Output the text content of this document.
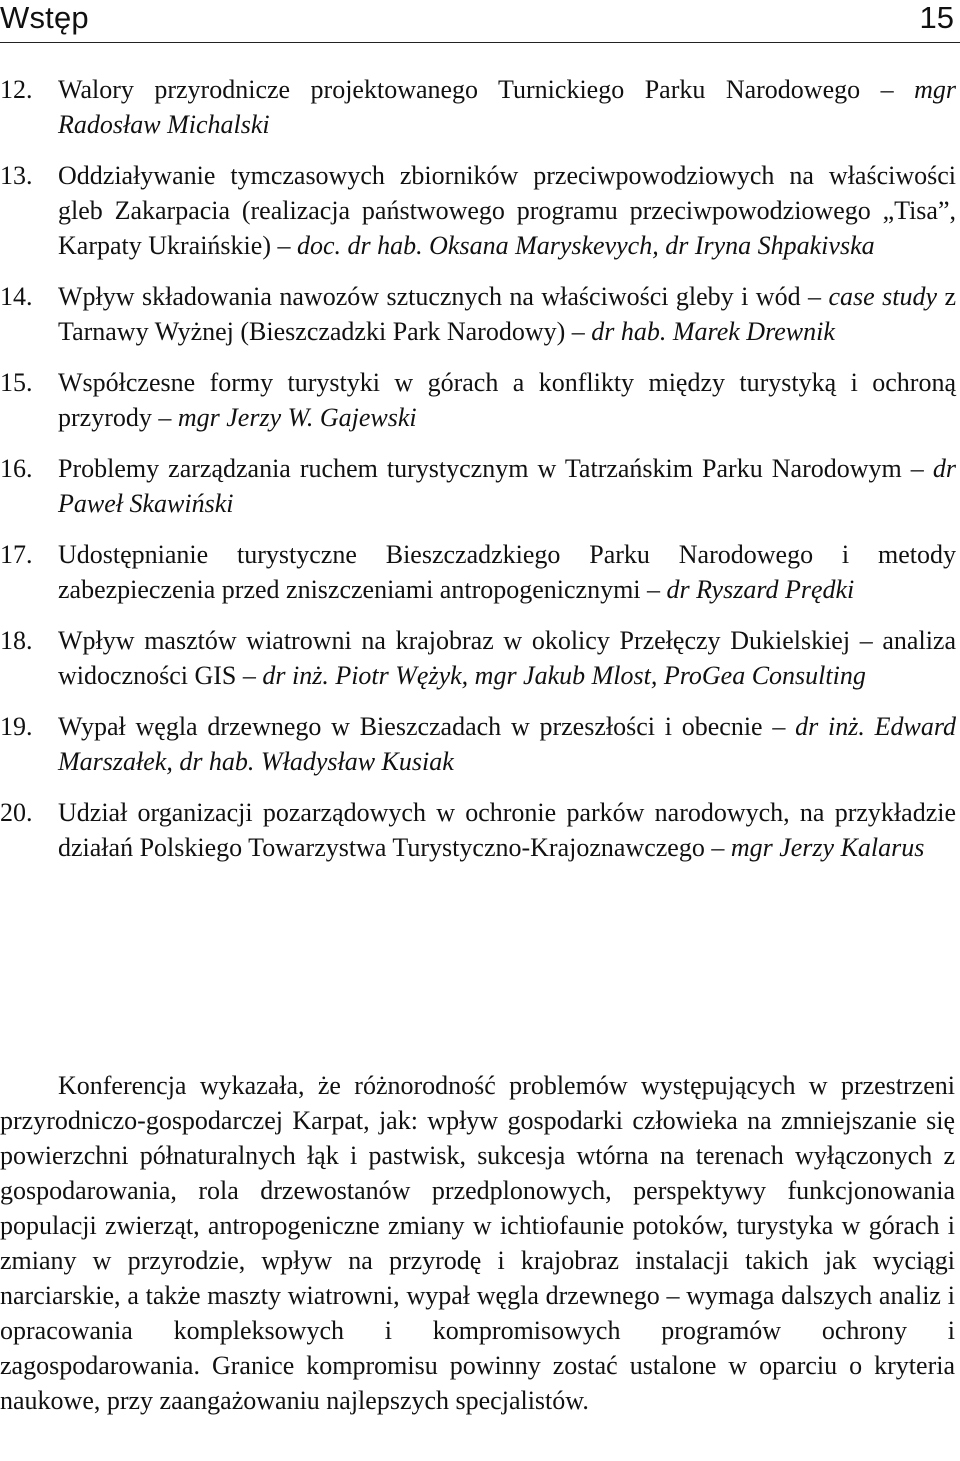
Wstęp	15
12. Walory przyrodnicze projektowanego Turnickiego Parku Narodowego – mgr Radosław Michalski
13. Oddziaływanie tymczasowych zbiorników przeciwpowodziowych na właściwości gleb Zakarpacia (realizacja państwowego programu przeciwpowodziowego „Tisa”, Karpaty Ukraińskie) – doc. dr hab. Oksana Maryskevych, dr Iryna Shpakivska
14. Wpływ składowania nawozów sztucznych na właściwości gleby i wód – case study z Tarnawy Wyżnej (Bieszczadzki Park Narodowy) – dr hab. Marek Drewnik
15. Współczesne formy turystyki w górach a konflikty między turystyką i ochroną przyrody – mgr Jerzy W. Gajewski
16. Problemy zarządzania ruchem turystycznym w Tatrzańskim Parku Narodowym – dr Paweł Skawiński
17. Udostępnianie turystyczne Bieszczadzkiego Parku Narodowego i metody zabezpieczenia przed zniszczeniami antropogenicznymi – dr Ryszard Prędki
18. Wpływ masztów wiatrowni na krajobraz w okolicy Przełęczy Dukielskiej – analiza widoczności GIS – dr inż. Piotr Wężyk, mgr Jakub Mlost, ProGea Consulting
19. Wypał węgla drzewnego w Bieszczadach w przeszłości i obecnie – dr inż. Edward Marszałek, dr hab. Władysław Kusiak
20. Udział organizacji pozarządowych w ochronie parków narodowych, na przykładzie działań Polskiego Towarzystwa Turystyczno-Krajoznawczego – mgr Jerzy Kalarus

Konferencja wykazała, że różnorodność problemów występujących w przestrzeni przyrodniczo-gospodarczej Karpat, jak: wpływ gospodarki człowieka na zmniejszanie się powierzchni półnaturalnych łąk i pastwisk, sukcesja wtórna na terenach wyłączonych z gospodarowania, rola drzewostanów przedplonowych, perspektywy funkcjonowania populacji zwierząt, antropogeniczne zmiany w ichtiofaunie potoków, turystyka w górach i zmiany w przyrodzie, wpływ na przyrodę i krajobraz instalacji takich jak wyciągi narciarskie, a także maszty wiatrowni, wypał węgla drzewnego – wymaga dalszych analiz i opracowania kompleksowych i kompromisowych programów ochrony i zagospodarowania. Granice kompromisu powinny zostać ustalone w oparciu o kryteria naukowe, przy zaangażowaniu najlepszych specjalistów.
